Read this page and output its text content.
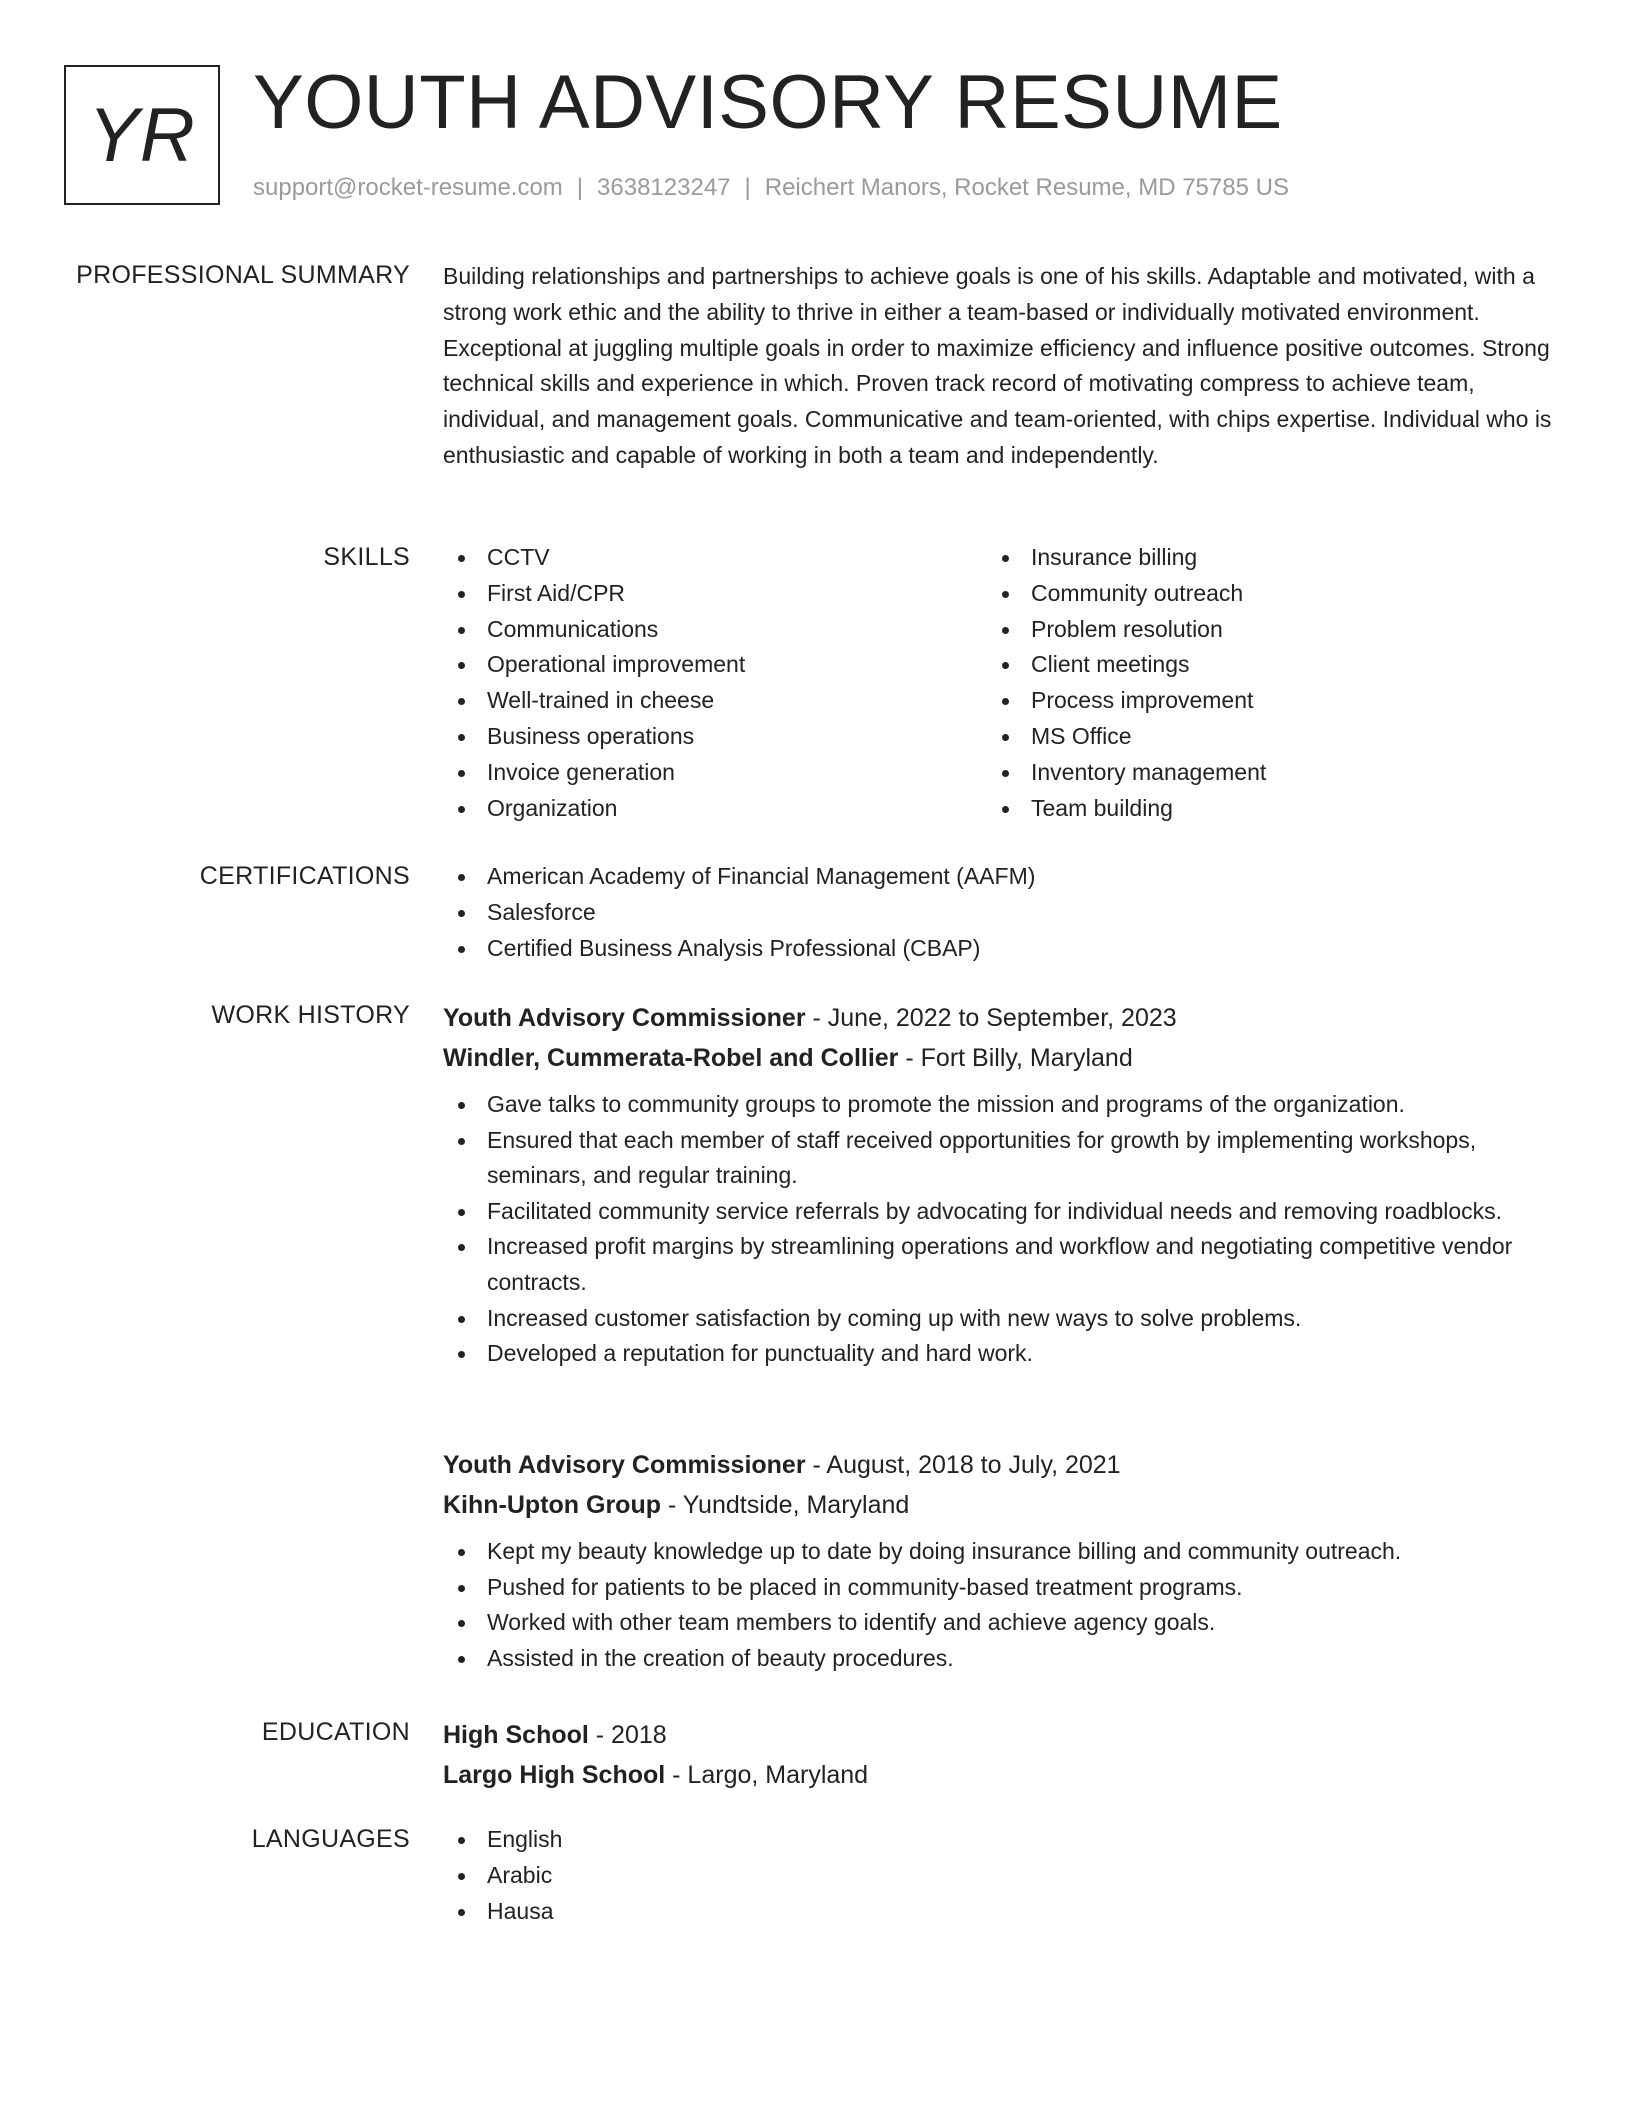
YR YOUTH ADVISORY RESUME
support@rocket-resume.com | 3638123247 | Reichert Manors, Rocket Resume, MD 75785 US
PROFESSIONAL SUMMARY Building relationships and partnerships to achieve goals is one of his skills. Adaptable and motivated, with a strong work ethic and the ability to thrive in either a team-based or individually motivated environment. Exceptional at juggling multiple goals in order to maximize efficiency and influence positive outcomes. Strong technical skills and experience in which. Proven track record of motivating compress to achieve team, individual, and management goals. Communicative and team-oriented, with chips expertise. Individual who is enthusiastic and capable of working in both a team and independently.

SKILLS	CCTV
First Aid/CPR
Communications
Operational improvement
Well-trained in cheese
Business operations
Invoice generation
Organization
Insurance billing
Community outreach
Problem resolution
Client meetings
Process improvement
MS Office
Inventory management
Team building
CERTIFICATIONS	American Academy of Financial Management (AAFM)
Salesforce
Certified Business Analysis Professional (CBAP)
WORK HISTORY Youth Advisory Commissioner - June, 2022 to September, 2023
Windler, Cummerata-Robel and Collier - Fort Billy, Maryland
Gave talks to community groups to promote the mission and programs of the organization.
Ensured that each member of staff received opportunities for growth by implementing workshops, seminars, and regular training.
Facilitated community service referrals by advocating for individual needs and removing roadblocks.
Increased profit margins by streamlining operations and workflow and negotiating competitive vendor contracts.
Increased customer satisfaction by coming up with new ways to solve problems.
Developed a reputation for punctuality and hard work.
Youth Advisory Commissioner - August, 2018 to July, 2021
Kihn-Upton Group - Yundtside, Maryland
Kept my beauty knowledge up to date by doing insurance billing and community outreach.
Pushed for patients to be placed in community-based treatment programs.
Worked with other team members to identify and achieve agency goals.
Assisted in the creation of beauty procedures.
EDUCATION High School - 2018
Largo High School - Largo, Maryland
LANGUAGES	English
Arabic
Hausa
